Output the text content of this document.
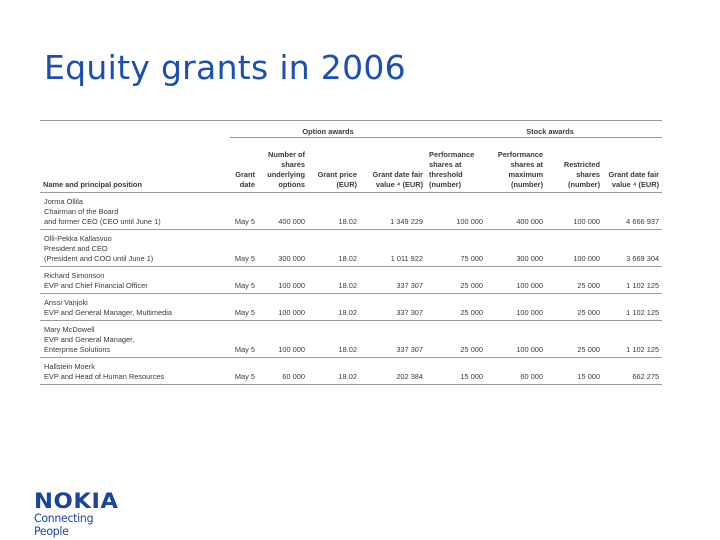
Equity grants in 2006
	Option awards				Stock awards			
Name and principal position	Grant date	Number of shares underlying options	Grant price (EUR)	Grant date fair value ⁴ (EUR)	Performance shares at threshold (number)	Performance shares at maximum (number)	Restricted shares (number)	Grant date fair value ⁴ (EUR)

Jorma Ollila
Chairman of the Board
and former CEO (CEO until June 1)	May 5	400 000	18.02	1 349 229	100 000	400 000	100 000	4 666 937

Olli-Pekka Kallasvuo
President and CEO
(President and COO until June 1)	May 5	300 000	18.02	1 011 922	75 000	300 000	100 000	3 669 304

Richard Simonson
EVP and Chief Financial Officer	May 5	100 000	18.02	337 307	25 000	100 000	25 000	1 102 125

Anssi Vanjoki
EVP and General Manager, Multimedia	May 5	100 000	18.02	337 307	25 000	100 000	25 000	1 102 125

Mary McDowell
EVP and General Manager,
Enterprise Solutions	May 5	100 000	18.02	337 307	25 000	100 000	25 000	1 102 125

Hallstein Moerk
EVP and Head of Human Resources	May 5	60 000	18.02	202 384	15 000	60 000	15 000	662 275
NOKIA
Connecting People
